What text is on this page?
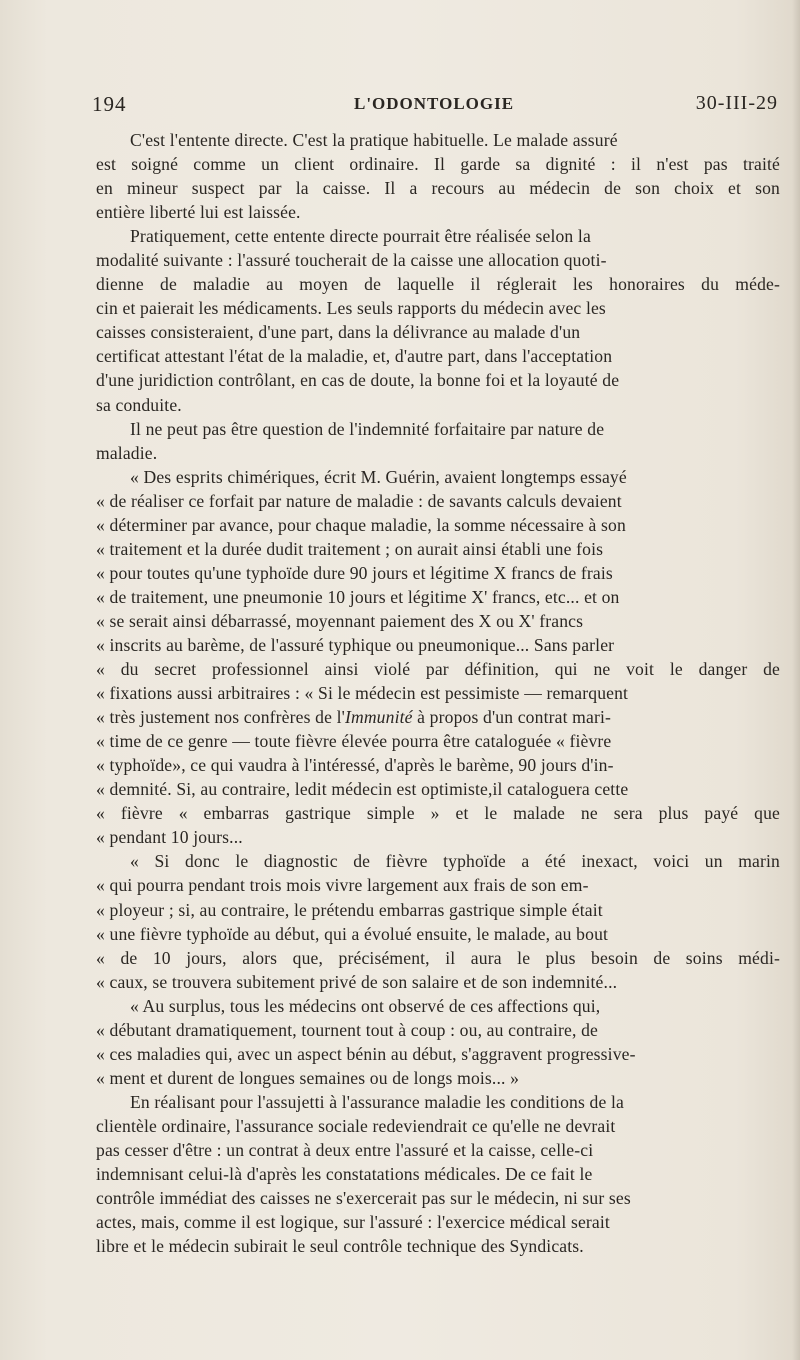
194	L'ODONTOLOGIE	30-III-29
C'est l'entente directe. C'est la pratique habituelle. Le malade assuré
est soigné comme un client ordinaire. Il garde sa dignité : il n'est pas traité
en mineur suspect par la caisse. Il a recours au médecin de son choix et son
entière liberté lui est laissée.
Pratiquement, cette entente directe pourrait être réalisée selon la
modalité suivante : l'assuré toucherait de la caisse une allocation quoti-
dienne de maladie au moyen de laquelle il réglerait les honoraires du méde-
cin et paierait les médicaments. Les seuls rapports du médecin avec les
caisses consisteraient, d'une part, dans la délivrance au malade d'un
certificat attestant l'état de la maladie, et, d'autre part, dans l'acceptation
d'une juridiction contrôlant, en cas de doute, la bonne foi et la loyauté de
sa conduite.
Il ne peut pas être question de l'indemnité forfaitaire par nature de
maladie.
« Des esprits chimériques, écrit M. Guérin, avaient longtemps essayé
« de réaliser ce forfait par nature de maladie : de savants calculs devaient
« déterminer par avance, pour chaque maladie, la somme nécessaire à son
« traitement et la durée dudit traitement ; on aurait ainsi établi une fois
« pour toutes qu'une typhoïde dure 90 jours et légitime X francs de frais
« de traitement, une pneumonie 10 jours et légitime X' francs, etc... et on
« se serait ainsi débarrassé, moyennant paiement des X ou X' francs
« inscrits au barème, de l'assuré typhique ou pneumonique... Sans parler
« du secret professionnel ainsi violé par définition, qui ne voit le danger de
« fixations aussi arbitraires : « Si le médecin est pessimiste — remarquent
« très justement nos confrères de l'Immunité à propos d'un contrat mari-
« time de ce genre — toute fièvre élevée pourra être cataloguée « fièvre
« typhoïde», ce qui vaudra à l'intéressé, d'après le barème, 90 jours d'in-
« demnité. Si, au contraire, ledit médecin est optimiste,il cataloguera cette
« fièvre « embarras gastrique simple » et le malade ne sera plus payé que
« pendant 10 jours...
« Si donc le diagnostic de fièvre typhoïde a été inexact, voici un marin
« qui pourra pendant trois mois vivre largement aux frais de son em-
« ployeur ; si, au contraire, le prétendu embarras gastrique simple était
« une fièvre typhoïde au début, qui a évolué ensuite, le malade, au bout
« de 10 jours, alors que, précisément, il aura le plus besoin de soins médi-
« caux, se trouvera subitement privé de son salaire et de son indemnité...
« Au surplus, tous les médecins ont observé de ces affections qui,
« débutant dramatiquement, tournent tout à coup : ou, au contraire, de
« ces maladies qui, avec un aspect bénin au début, s'aggravent progressive-
« ment et durent de longues semaines ou de longs mois... »
En réalisant pour l'assujetti à l'assurance maladie les conditions de la
clientèle ordinaire, l'assurance sociale redeviendrait ce qu'elle ne devrait
pas cesser d'être : un contrat à deux entre l'assuré et la caisse, celle-ci
indemnisant celui-là d'après les constatations médicales. De ce fait le
contrôle immédiat des caisses ne s'exercerait pas sur le médecin, ni sur ses
actes, mais, comme il est logique, sur l'assuré : l'exercice médical serait
libre et le médecin subirait le seul contrôle technique des Syndicats.
